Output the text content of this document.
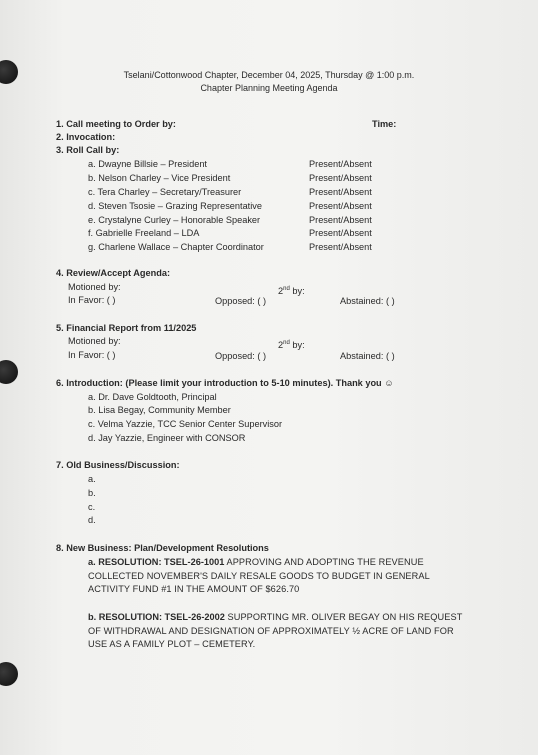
Tselani/Cottonwood Chapter, December 04, 2025, Thursday @ 1:00 p.m.
Chapter Planning Meeting Agenda
1. Call meeting to Order by:	Time:
2. Invocation:
3. Roll Call by:
a. Dwayne Billsie – President	Present/Absent
b. Nelson Charley – Vice President	Present/Absent
c. Tera Charley – Secretary/Treasurer	Present/Absent
d. Steven Tsosie – Grazing Representative	Present/Absent
e. Crystalyne Curley – Honorable Speaker	Present/Absent
f. Gabrielle Freeland – LDA	Present/Absent
g. Charlene Wallace – Chapter Coordinator	Present/Absent
4. Review/Accept Agenda:
Motioned by:	2nd by:
In Favor: ( )	Opposed: ( )	Abstained: ( )
5. Financial Report from 11/2025
Motioned by:	2nd by:
In Favor: ( )	Opposed: ( )	Abstained: ( )
6. Introduction: (Please limit your introduction to 5-10 minutes). Thank you ☺
a. Dr. Dave Goldtooth, Principal
b. Lisa Begay, Community Member
c. Velma Yazzie, TCC Senior Center Supervisor
d. Jay Yazzie, Engineer with CONSOR
7. Old Business/Discussion:
a.
b.
c.
d.
8. New Business: Plan/Development Resolutions
a. RESOLUTION: TSEL-26-1001 APPROVING AND ADOPTING THE REVENUE COLLECTED NOVEMBER'S DAILY RESALE GOODS TO BUDGET IN GENERAL ACTIVITY FUND #1 IN THE AMOUNT OF $626.70
b. RESOLUTION: TSEL-26-2002 SUPPORTING MR. OLIVER BEGAY ON HIS REQUEST OF WITHDRAWAL AND DESIGNATION OF APPROXIMATELY ½ ACRE OF LAND FOR USE AS A FAMILY PLOT – CEMETERY.
